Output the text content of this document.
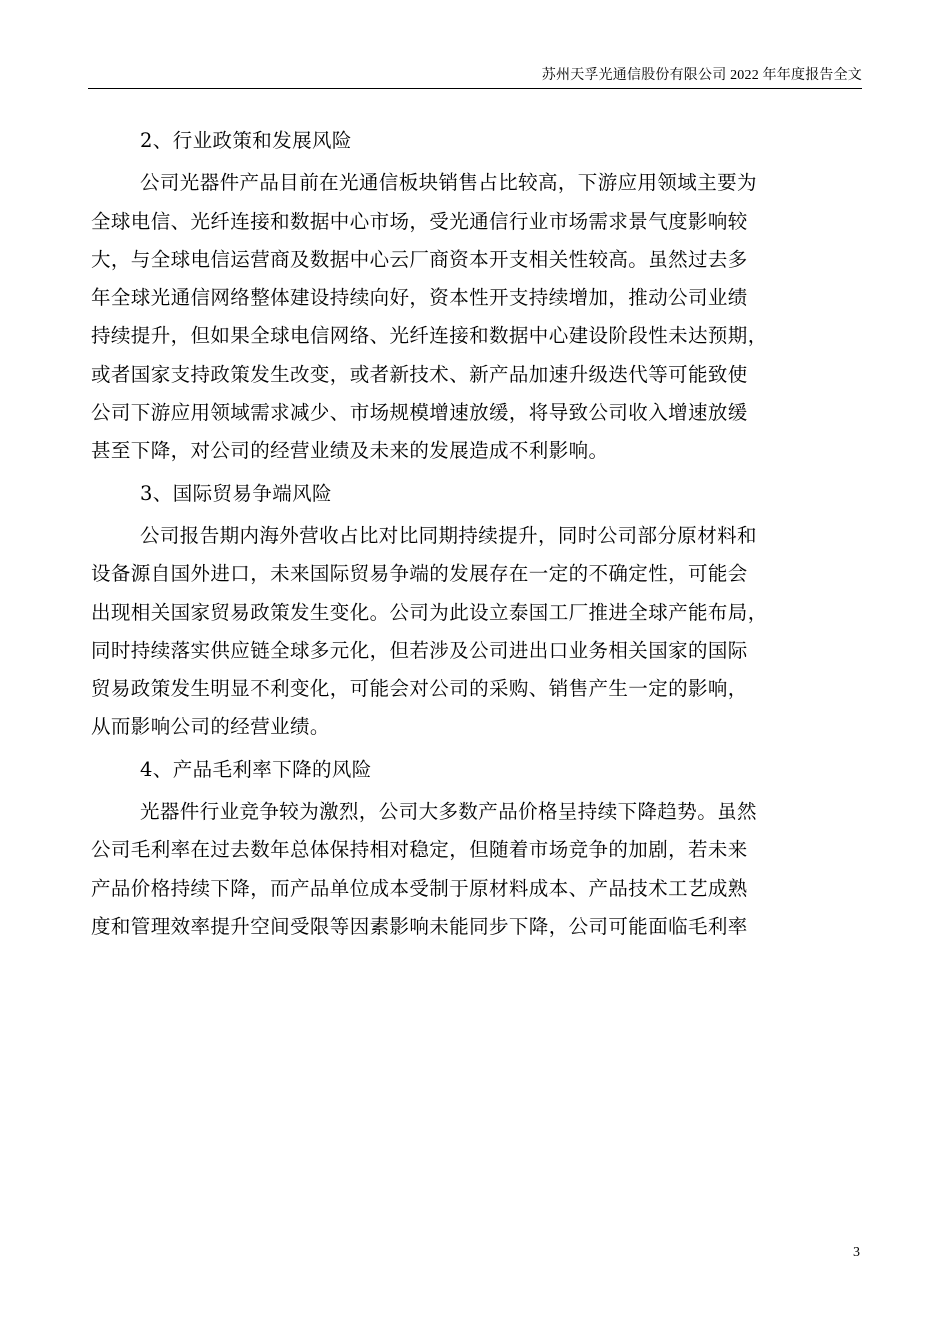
苏州天孚光通信股份有限公司 2022 年年度报告全文
2、行业政策和发展风险
公司光器件产品目前在光通信板块销售占比较高，下游应用领域主要为
全球电信、光纤连接和数据中心市场，受光通信行业市场需求景气度影响较
大，与全球电信运营商及数据中心云厂商资本开支相关性较高。虽然过去多
年全球光通信网络整体建设持续向好，资本性开支持续增加，推动公司业绩
持续提升，但如果全球电信网络、光纤连接和数据中心建设阶段性未达预期，
或者国家支持政策发生改变，或者新技术、新产品加速升级迭代等可能致使
公司下游应用领域需求减少、市场规模增速放缓，将导致公司收入增速放缓
甚至下降，对公司的经营业绩及未来的发展造成不利影响。
3、国际贸易争端风险
公司报告期内海外营收占比对比同期持续提升，同时公司部分原材料和
设备源自国外进口，未来国际贸易争端的发展存在一定的不确定性，可能会
出现相关国家贸易政策发生变化。公司为此设立泰国工厂推进全球产能布局，
同时持续落实供应链全球多元化，但若涉及公司进出口业务相关国家的国际
贸易政策发生明显不利变化，可能会对公司的采购、销售产生一定的影响，
从而影响公司的经营业绩。
4、产品毛利率下降的风险
光器件行业竞争较为激烈，公司大多数产品价格呈持续下降趋势。虽然
公司毛利率在过去数年总体保持相对稳定，但随着市场竞争的加剧，若未来
产品价格持续下降，而产品单位成本受制于原材料成本、产品技术工艺成熟
度和管理效率提升空间受限等因素影响未能同步下降，公司可能面临毛利率
3
